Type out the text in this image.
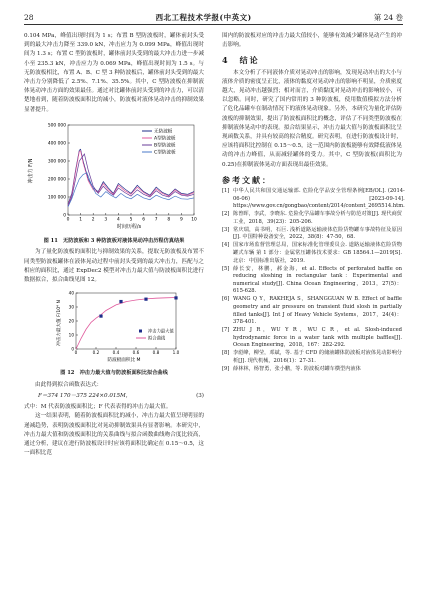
28	西北工程技术学报(中英文)	第 24 卷

0.104 MPa，峰值出现时间为 1 s；布置 B 型防波板时，罐体前封头受到的最大冲击力降至 339.0 kN，冲击应力为 0.099 MPa，峰值出现时间为 1.3 s；布置 C 型防波板时，罐体前封头受到的最大冲击力进一步减小至 235.3 kN，冲击应力为 0.069 MPa，峰值出现时间为 1.5 s。与无防波板相比，布置 A、B、C 型 3 种防波板后，罐体前封头受到的最大冲击力分别降低了 2.5%、7.1%、35.5%。其中，C 型防波板在抑制液体晃动冲击方面的效果最佳。通过对比罐体前封头受到的冲击力，可以清楚地看到，随着防波板面积比的减小，防波板对液体晃动冲击的抑制效果显著提升。

冲击力 F/N
0
100 000
200 000
300 000
400 000
500 000
0 1 2 3 4 5 6 7 8 9 10
无防波板
A型防波板
B型防波板
C型防波板
时间历程/s
图 11　无防波板和 3 种防波板对液体晃动冲击历程仿真结果

为了量化防波板的面积比与抑制效果的关系，提取无防波板及布置不同类型防波板罐体在液体晃动过程中前封头受到的最大冲击力，匹配与之相应的面积比，通过 ExpDec2 模型对冲击力最大值与防波板面积比进行数据拟合，拟合曲线见图 12。

冲击力最大值 F/10⁴ N
0
10
20
30
40
0	0.2	0.4	0.6	0.8	1.0
冲击力最大值
拟合曲线
防波板面积比 M
图 12　冲击力最大值与防波板面积比拟合曲线

由此得到拟合函数表达式：

F＝374 170－375 224×0.015M，	(3)

式中：M 代表防波板面积比；F 代表表得的冲击力最大值。

这一结果表明，随着防波板面积比的减小，冲击力最大值呈现明显的递减趋势，表明防波板面积比对晃动抑制效果具有显著影响。本研究中，冲击力最大值和防波板面积比的关系曲线与拟合函数曲线吻合度比较高，通过分析，建议在进行防波板设计时应该将面积比确定在 0.15～0.5，这一面积比范

围内的防波板对应的冲击力最大值较小，能够有效减少罐体晃动产生的冲击影响。

4　结论

本文分析了不同液体介质对晃动冲击的影响，发现晃动冲击的大小与液体介质的密度呈正比，液体的黏度对晃动冲击的影响不明显，介质密度越大，晃动冲击越强烈；相对而言，介质黏度对晃动冲击的影响较小，可以忽略。同时，研究了国内常用的 3 种防波板，使用数值模拟方法分析了危化品罐车在制动情况下的液体晃动现象。另外，本研究为量化评估防波板的抑制效果，提出了防波板面积比的概念，评估了不同类型防波板在抑制液体晃动中的表现。拟合结果显示，冲击力最大值与防波板面积比呈现函数关系，并具有较高的拟合精度。研究表明，在进行防波板设计时，应该将面积比控制在 0.15～0.5，这一范围内防波板能够有效降低液体晃动的冲击力峰值，从而减轻罐体的受力。其中，C 型防波板(面积比为 0.25)在抑制液体晃动方面表现出最佳效果。

参考文献：
[1] 中华人民共和国交通运输部. 危险化学品安全管理条例[EB/OL]. (2014-06-06) [2023-09-14]. https://www.gov.cn/gongbao/content/2014/content_2695514.htm.
[2] 陈曾晖，李武，李晓东. 危险化学品罐车事故分析与防范对策[J]. 现代商贸工业，2018，39(23)：205-206.
[3] 常庆瑞，高书明，石巨. 浅析道路运输液体危险货物罐车事故特征及原因[J]. 中国特种设备安全，2022，38(8)：47-50，68.
[4] 国家市场监督管理总局，国家标准化管理委员会. 道路运输液体危险货物罐式车辆 第 1 部分：金属常压罐体技术要求：GB 18564.1—2019[S]. 北京：中国标准出版社，2019.
[5] 薛长安，林鹏，郝金海，et al. Effects of perforated baffle on reducing sloshing in rectangular tank：Experimental and numerical study[J]. China Ocean Engineering，2013，27(5)：615-628.
[6] WANG Q Y，RAKHEJA S，SHANGGUAN W B. Effect of baffle geometry and air pressure on transient fluid slosh in partially filled tanks[J]. Int J of Heavy Vehicle Systems，2017，24(4)：378-401.
[7] ZHU J R，WU Y R，WU C R，et al. Slosh-induced hydrodynamic force in a water tank with multiple baffles[J]. Ocean Engineering，2018，167：282-292.
[8] 李彪峰，柳莹，邓斌，等. 基于 CFD 的储液罐体防波板对液体晃动影响分析[J]. 现代机械，2016(1)：27-31.
[9] 薛林林，杨智勇，张小鹏，等. 防波板对罐车横型内液体
